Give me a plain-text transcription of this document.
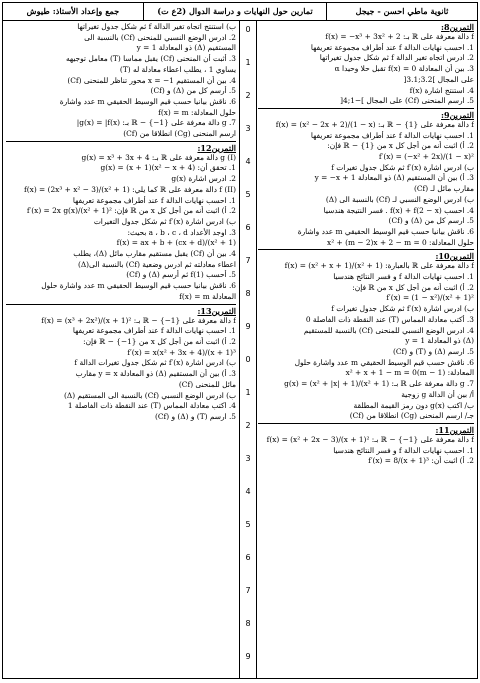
ثانوية ماطي احسن - جيجل
تمارين حول النهايات و دراسة الدوال (2ع ت)
جمع وإعداد الأستاذ: طيوش
التمرين8:
f دالة معرفة على ℝ بـ: f(x) = −x³ + 3x² + 2
1. احسب نهايات الدالة f عند أطراف مجموعة تعريفها
2. ادرس اتجاه تغير الدالة f ثم شكل جدول تغيراتها
3. بين أن المعادلة f(x) = 0 تقبل حلا وحيدا α
على المجال ]3.2;3.1[
4. استنتج اشارة f(x)
5. ارسم المنحنى (Cf) على المجال ]−1;4[
التمرين9:
f دالة معرفة على ℝ − {1} بـ: f(x) = (x² − 2x + 2)/(1 − x)
1. احسب نهايات الدالة f عند أطراف مجموعة تعريفها
2. أ) اثبت أنه من أجل كل x من ℝ − {1} فإن:
f′(x) = (−x² + 2x)/(1 − x)²
ب) ادرس اشارة f′(x) ثم شكل جدول تغيرات f
3. أ) بين أن المستقيم (Δ) ذو المعادلة y = −x + 1
مقارب مائل لـ (Cf)
ب) ادرس الوضع النسبي لـ (Cf) بالنسبة الى (Δ)
4. احسب f(x) + f(2 − x) . فسر النتيجة هندسيا
5. ارسم كل من (Δ) و (Cf)
6. ناقش بيانيا حسب قيم الوسيط الحقيقي m عدد واشارة
حلول المعادلة: x² + (m − 2)x + 2 − m = 0
التمرين10:
f دالة معرفة على ℝ بالعبارة: f(x) = (x² + x + 1)/(x² + 1)
1. احسب نهايات الدالة f و فسر النتائج هندسيا
2. أ) اثبت أنه من أجل كل x من ℝ فإن:
f′(x) = (1 − x²)/(x² + 1)²
ب) ادرس اشارة f′(x) ثم شكل جدول تغيرات f
3. أكتب معادلة المماس (T) عند النقطة ذات الفاصلة 0
4. ادرس الوضع النسبي للمنحنى (Cf) بالنسبة للمستقيم
(Δ) ذو المعادلة y = 1
5. ارسم (Δ) و (T) و (Cf)
6. ناقش حسب قيم الوسيط الحقيقي m عدد واشارة حلول
المعادلة: (1 − m)x² + x + 1 − m = 0
7. g دالة معرفة على ℝ بـ: g(x) = (x² + |x| + 1)/(x² + 1)
أ/ بين أن الدالة g زوجية
ب/ اكتب g(x) دون رمز القيمة المطلقة
جـ/ ارسم المنحنى (Cg) انطلاقا من (Cf)
التمرين11:
f دالة معرفة على ℝ − {−1} بـ: f(x) = (x² + 2x − 3)/(x + 1)²
1. احسب نهايات الدالة f و فسر النتائج هندسيا
2. أ) اثبت أن: f′(x) = 8/(x + 1)³
0
1
2
3
4
5
6
7
8
9
0
1
2
3
4
5
6
7
8
9
ب) استنتج اتجاه تغير الدالة f ثم شكل جدول تغيراتها
2. ادرس الوضع النسبي للمنحنى (Cf) بالنسبة الى
المستقيم (Δ) ذو المعادلة y = 1
3. أثبت أن المنحنى (Cf) يقبل مماسا (T) معامل توجيهه
يساوي 1 ، يطلب اعطاء معادلة له (T)
4. بين أن المستقيم x = −1 محور تناظر للمنحنى (Cf)
5. أرسم كل من (Δ) و (Cf)
6. ناقش بيانيا حسب قيم الوسيط الحقيقي m عدد واشارة
حلول المعادلة: f(x) = m
7. g دالة معرفة على ℝ − {−1} بـ: g(x) = |f(x)|
ارسم المنحنى (Cg) انطلاقا من (Cf)
التمرين12:
(I) g دالة معرفة على ℝ بـ: g(x) = x³ + 3x + 4
1. تحقق أن: g(x) = (x + 1)(x² − x + 4)
2. ادرس اشارة g(x)
(II) f دالة معرفة على ℝ كما يلي: f(x) = (2x³ + x² − 3)/(x² + 1)
1. احسب نهايات الدالة f عند أطراف مجموعة تعريفها
2. أ) اثبت أنه من أجل كل x من ℝ فإن: f′(x) = 2x g(x)/(x² + 1)²
ب) ادرس اشارة f′(x) ثم شكل جدول التغيرات
3. اوجد الأعداد a ، b ، c ، d بحيث:
f(x) = ax + b + (cx + d)/(x² + 1)
4. بين أن (Cf) يقبل مستقيم مقارب مائل (Δ)، يطلب
اعطاء معادلته ثم ادرس وضعية (Cf) بالنسبة الى(Δ)
5. أحسب f(1) ثم أرسم (Δ) و (Cf)
6. ناقش بيانيا حسب قيم الوسيط الحقيقي m عدد واشارة حلول
المعادلة f(x) = m
التمرين13:
f دالة معرفة على ℝ − {−1} بـ: f(x) = (x³ + 2x²)/(x + 1)²
1. احسب نهايات الدالة f عند أطراف مجموعة تعريفها
2. أ) اثبت أنه من أجل كل x من ℝ − {−1} فإن:
f′(x) = x(x² + 3x + 4)/(x + 1)³
ب) ادرس اشارة f′(x) ثم شكل جدول تغيرات الدالة f
3. أ) بين أن المستقيم (Δ) ذو المعادلة y = x مقارب
مائل للمنحنى (Cf)
ب) ادرس الوضع النسبي (Cf) بالنسبة الى المستقيم (Δ)
4. اكتب معادلة المماس (T) عند النقطة ذات الفاصلة 1
5. ارسم (T) و (Δ) و (Cf)
